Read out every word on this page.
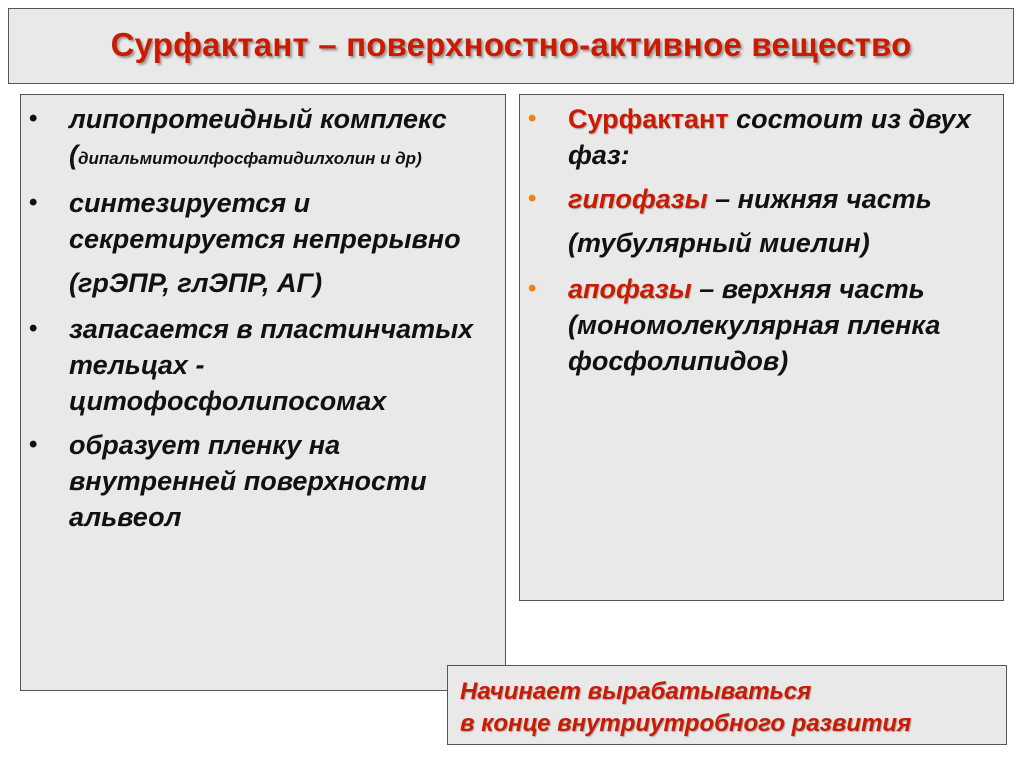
Сурфактант – поверхностно-активное вещество
• липопротеидный комплекс
(дипальмитоилфосфатидилхолин и др)
• синтезируется и секретируется непрерывно
(грЭПР, глЭПР, АГ)
• запасается в пластинчатых тельцах - цитофосфолипосомах
• образует пленку на внутренней поверхности альвеол
• Сурфактант состоит из двух фаз:
• гипофазы – нижняя часть
(тубулярный миелин)
• апофазы – верхняя часть (мономолекулярная пленка фосфолипидов)
Начинает вырабатываться
в конце внутриутробного развития
